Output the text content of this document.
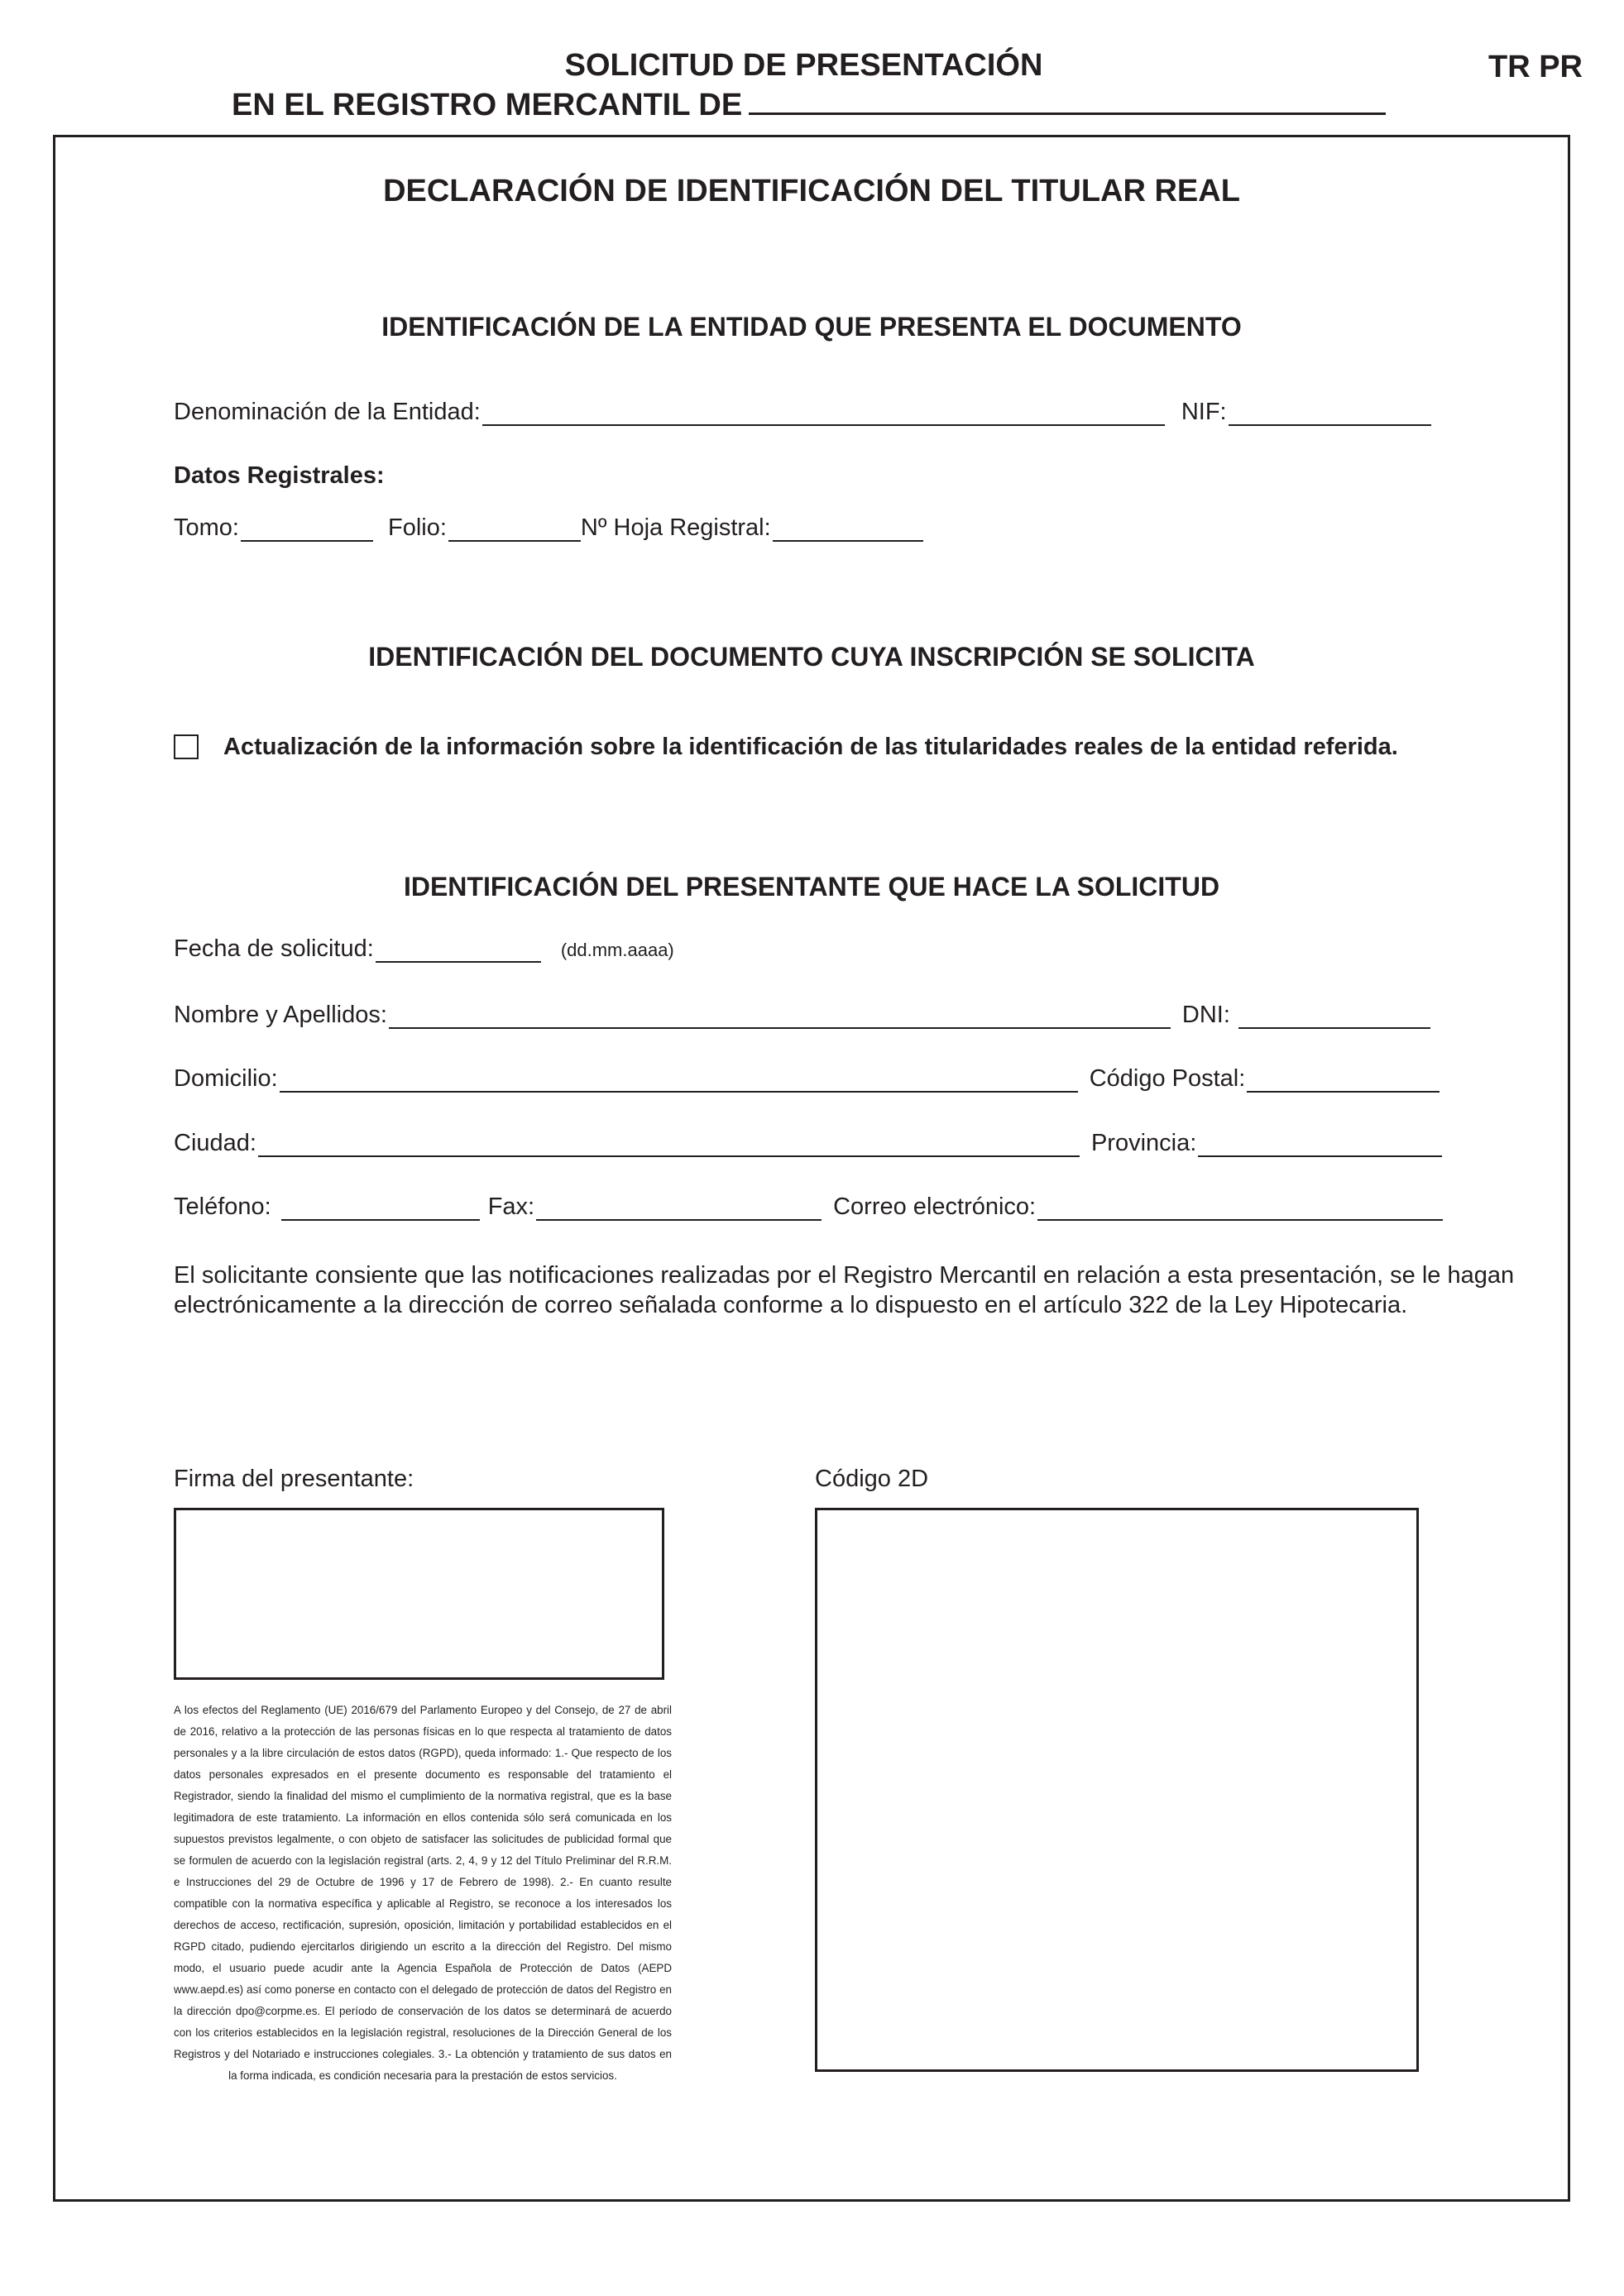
SOLICITUD DE PRESENTACIÓN
EN EL REGISTRO MERCANTIL DE
TR PR
DECLARACIÓN DE IDENTIFICACIÓN DEL TITULAR REAL
IDENTIFICACIÓN DE LA ENTIDAD QUE PRESENTA EL DOCUMENTO
Denominación de la Entidad:	NIF:
Datos Registrales:
Tomo:	Folio:	Nº Hoja Registral:
IDENTIFICACIÓN DEL DOCUMENTO CUYA INSCRIPCIÓN SE SOLICITA
Actualización de la información sobre la identificación de las titularidades reales de la entidad referida.
IDENTIFICACIÓN DEL PRESENTANTE QUE HACE LA SOLICITUD
Fecha de solicitud:	(dd.mm.aaaa)
Nombre y Apellidos:	DNI:
Domicilio:	Código Postal:
Ciudad:	Provincia:
Teléfono:	Fax:	Correo electrónico:
El solicitante consiente que las notificaciones realizadas por el Registro Mercantil en relación a esta presentación, se le hagan electrónicamente a la dirección de correo señalada conforme a lo dispuesto en el artículo 322 de la Ley Hipotecaria.
Firma del presentante:	Código 2D
A los efectos del Reglamento (UE) 2016/679 del Parlamento Europeo y del Consejo, de 27 de abril de 2016, relativo a la protección de las personas físicas en lo que respecta al tratamiento de datos personales y a la libre circulación de estos datos (RGPD), queda informado: 1.- Que respecto de los datos personales expresados en el presente documento es responsable del tratamiento el Registrador, siendo la finalidad del mismo el cumplimiento de la normativa registral, que es la base legitimadora de este tratamiento. La información en ellos contenida sólo será comunicada en los supuestos previstos legalmente, o con objeto de satisfacer las solicitudes de publicidad formal que se formulen de acuerdo con la legislación registral (arts. 2, 4, 9 y 12 del Título Preliminar del R.R.M. e Instrucciones del 29 de Octubre de 1996 y 17 de Febrero de 1998). 2.- En cuanto resulte compatible con la normativa específica y aplicable al Registro, se reconoce a los interesados los derechos de acceso, rectificación, supresión, oposición, limitación y portabilidad establecidos en el RGPD citado, pudiendo ejercitarlos dirigiendo un escrito a la dirección del Registro. Del mismo modo, el usuario puede acudir ante la Agencia Española de Protección de Datos (AEPD www.aepd.es) así como ponerse en contacto con el delegado de protección de datos del Registro en la dirección dpo@corpme.es. El período de conservación de los datos se determinará de acuerdo con los criterios establecidos en la legislación registral, resoluciones de la Dirección General de los Registros y del Notariado e instrucciones colegiales. 3.- La obtención y tratamiento de sus datos en la forma indicada, es condición necesaria para la prestación de estos servicios.
